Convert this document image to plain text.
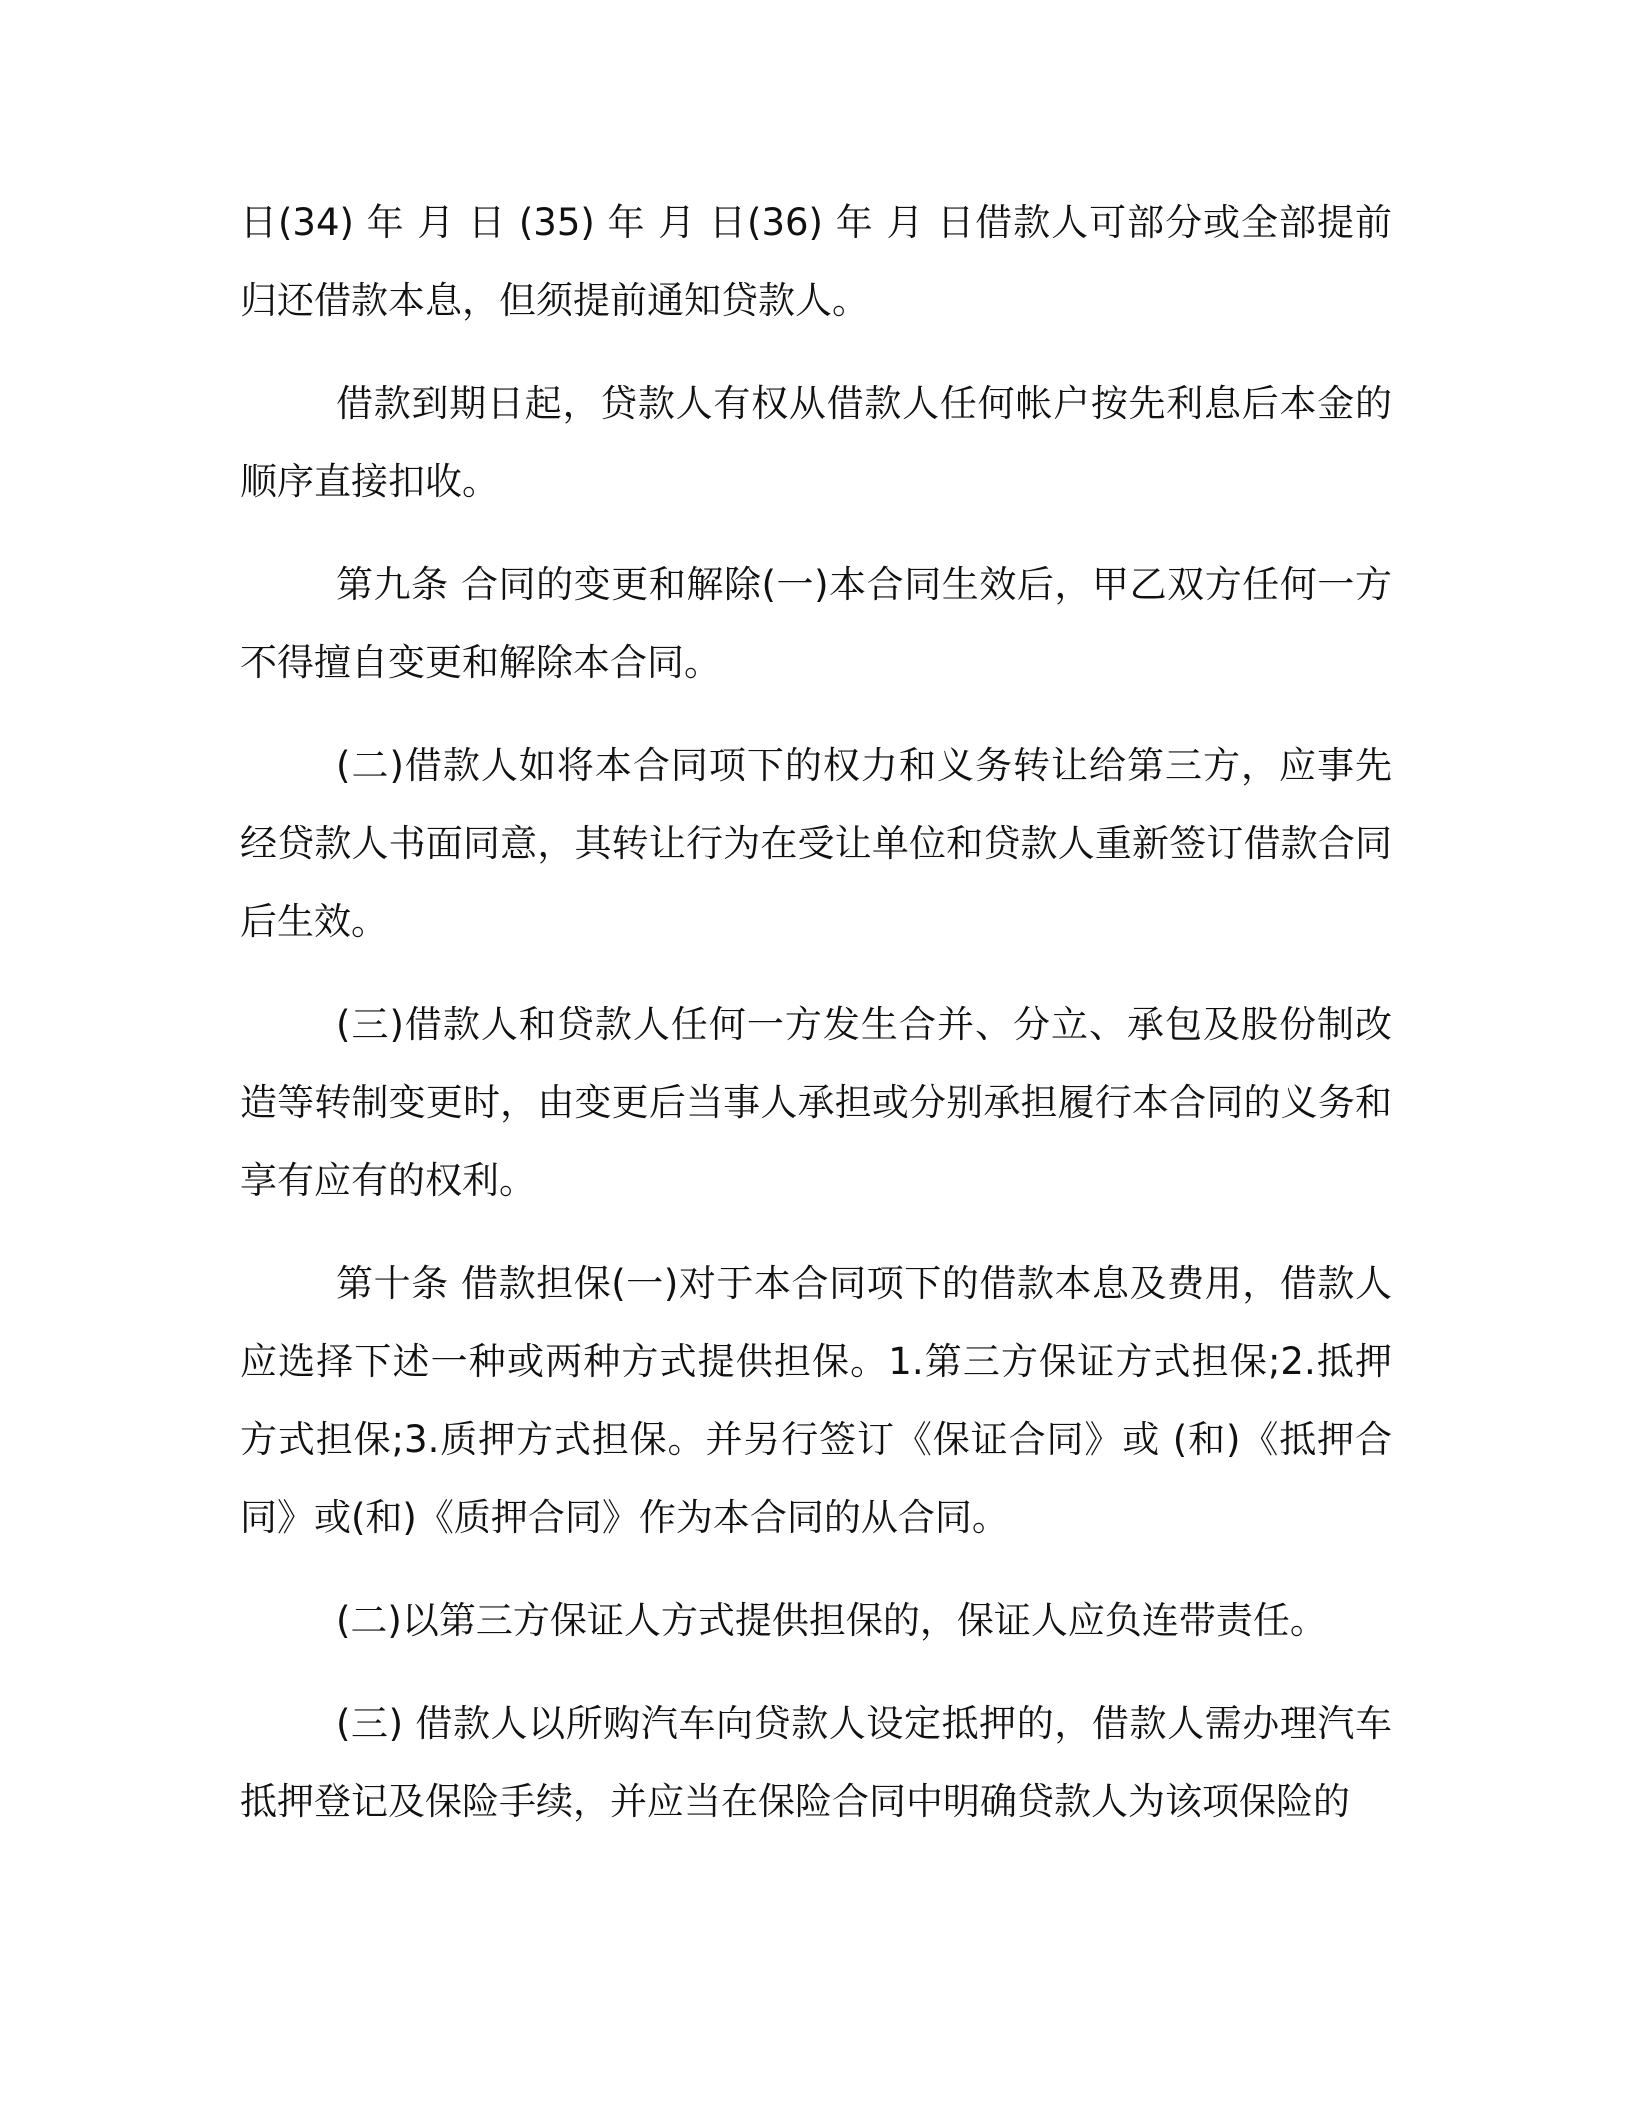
日(34) 年 月 日 (35) 年 月 日(36) 年 月 日借款人可部分或全部提前归还借款本息，但须提前通知贷款人。

借款到期日起，贷款人有权从借款人任何帐户按先利息后本金的顺序直接扣收。

第九条 合同的变更和解除(一)本合同生效后，甲乙双方任何一方不得擅自变更和解除本合同。

(二)借款人如将本合同项下的权力和义务转让给第三方，应事先经贷款人书面同意，其转让行为在受让单位和贷款人重新签订借款合同后生效。

(三)借款人和贷款人任何一方发生合并、分立、承包及股份制改造等转制变更时，由变更后当事人承担或分别承担履行本合同的义务和享有应有的权利。

第十条 借款担保(一)对于本合同项下的借款本息及费用，借款人应选择下述一种或两种方式提供担保。1.第三方保证方式担保;2.抵押方式担保;3.质押方式担保。并另行签订《保证合同》或 (和)《抵押合同》或(和)《质押合同》作为本合同的从合同。

(二)以第三方保证人方式提供担保的，保证人应负连带责任。

(三) 借款人以所购汽车向贷款人设定抵押的，借款人需办理汽车抵押登记及保险手续，并应当在保险合同中明确贷款人为该项保险的
